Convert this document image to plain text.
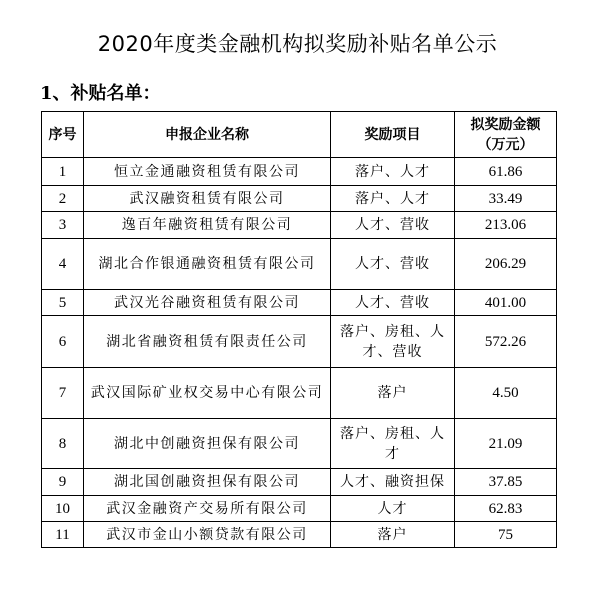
2020年度类金融机构拟奖励补贴名单公示
1、补贴名单：
序号	申报企业名称	奖励项目	拟奖励金额（万元）
1	恒立金通融资租赁有限公司	落户、人才	61.86
2	武汉融资租赁有限公司	落户、人才	33.49
3	逸百年融资租赁有限公司	人才、营收	213.06
4	湖北合作银通融资租赁有限公司	人才、营收	206.29
5	武汉光谷融资租赁有限公司	人才、营收	401.00
6	湖北省融资租赁有限责任公司	落户、房租、人才、营收	572.26
7	武汉国际矿业权交易中心有限公司	落户	4.50
8	湖北中创融资担保有限公司	落户、房租、人才	21.09
9	湖北国创融资担保有限公司	人才、融资担保	37.85
10	武汉金融资产交易所有限公司	人才	62.83
11	武汉市金山小额贷款有限公司	落户	75
